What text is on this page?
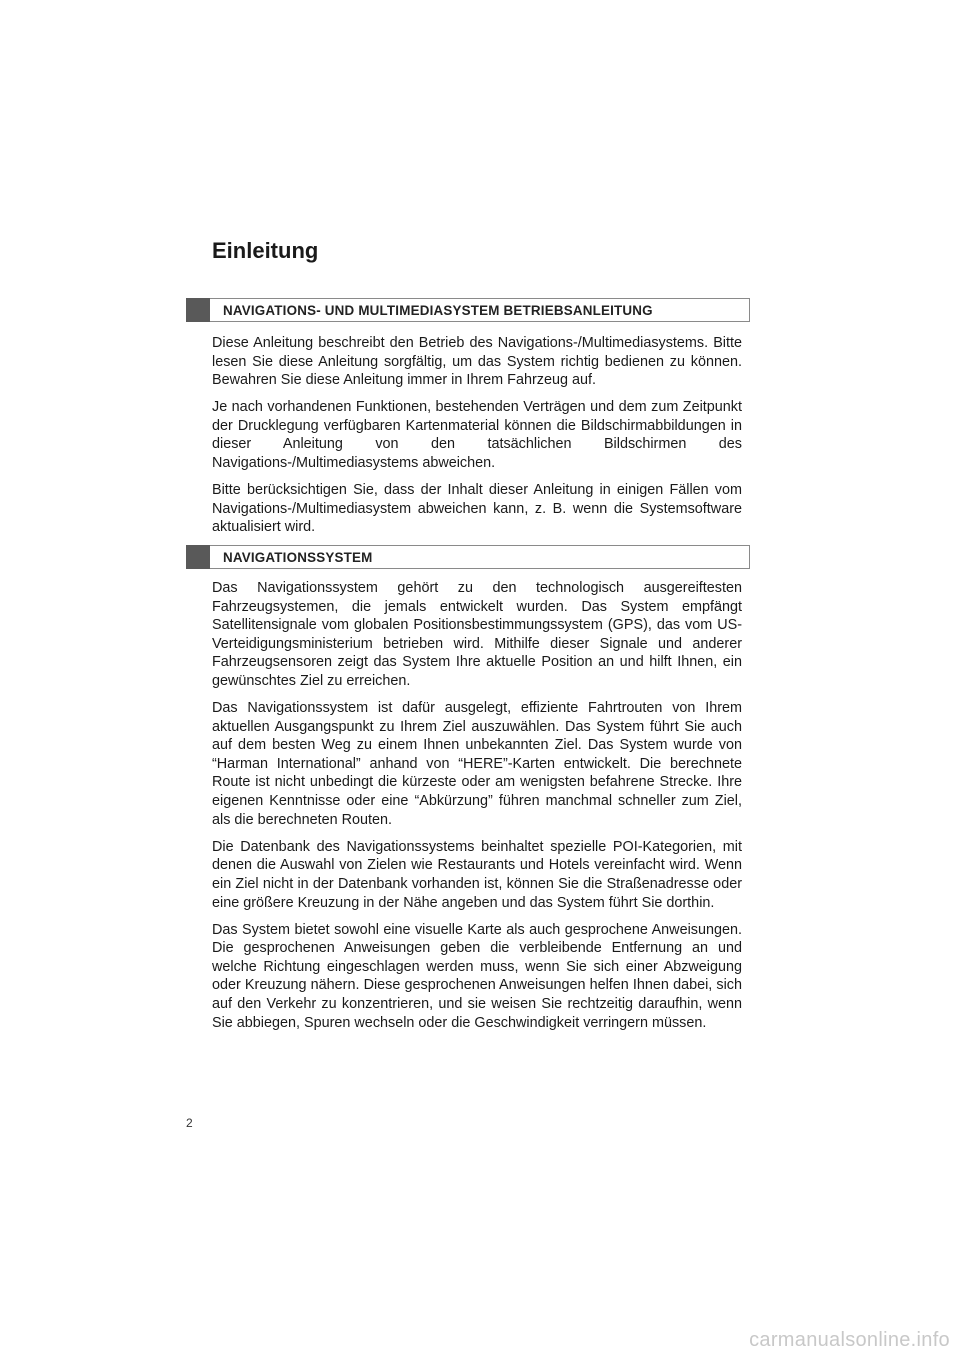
Einleitung
NAVIGATIONS- UND MULTIMEDIASYSTEM BETRIEBSANLEITUNG

Diese Anleitung beschreibt den Betrieb des Navigations-/Multimediasystems. Bitte lesen Sie diese Anleitung sorgfältig, um das System richtig bedienen zu können. Bewahren Sie diese Anleitung immer in Ihrem Fahrzeug auf.

Je nach vorhandenen Funktionen, bestehenden Verträgen und dem zum Zeitpunkt der Drucklegung verfügbaren Kartenmaterial können die Bildschirmabbildungen in dieser Anleitung von den tatsächlichen Bildschirmen des Navigations-/Multimediasystems abweichen.

Bitte berücksichtigen Sie, dass der Inhalt dieser Anleitung in einigen Fällen vom Navigations-/Multimediasystem abweichen kann, z. B. wenn die Systemsoftware aktualisiert wird.

NAVIGATIONSSYSTEM

Das Navigationssystem gehört zu den technologisch ausgereiftesten Fahrzeugsystemen, die jemals entwickelt wurden. Das System empfängt Satellitensignale vom globalen Positionsbestimmungssystem (GPS), das vom US-Verteidigungsministerium betrieben wird. Mithilfe dieser Signale und anderer Fahrzeugsensoren zeigt das System Ihre aktuelle Position an und hilft Ihnen, ein gewünschtes Ziel zu erreichen.

Das Navigationssystem ist dafür ausgelegt, effiziente Fahrtrouten von Ihrem aktuellen Ausgangspunkt zu Ihrem Ziel auszuwählen. Das System führt Sie auch auf dem besten Weg zu einem Ihnen unbekannten Ziel. Das System wurde von “Harman International” anhand von “HERE”-Karten entwickelt. Die berechnete Route ist nicht unbedingt die kürzeste oder am wenigsten befahrene Strecke. Ihre eigenen Kenntnisse oder eine “Abkürzung” führen manchmal schneller zum Ziel, als die berechneten Routen.

Die Datenbank des Navigationssystems beinhaltet spezielle POI-Kategorien, mit denen die Auswahl von Zielen wie Restaurants und Hotels vereinfacht wird. Wenn ein Ziel nicht in der Datenbank vorhanden ist, können Sie die Straßenadresse oder eine größere Kreuzung in der Nähe angeben und das System führt Sie dorthin.

Das System bietet sowohl eine visuelle Karte als auch gesprochene Anweisungen. Die gesprochenen Anweisungen geben die verbleibende Entfernung an und welche Richtung eingeschlagen werden muss, wenn Sie sich einer Abzweigung oder Kreuzung nähern. Diese gesprochenen Anweisungen helfen Ihnen dabei, sich auf den Verkehr zu konzentrieren, und sie weisen Sie rechtzeitig daraufhin, wenn Sie abbiegen, Spuren wechseln oder die Geschwindigkeit verringern müssen.

2
carmanualsonline.info
